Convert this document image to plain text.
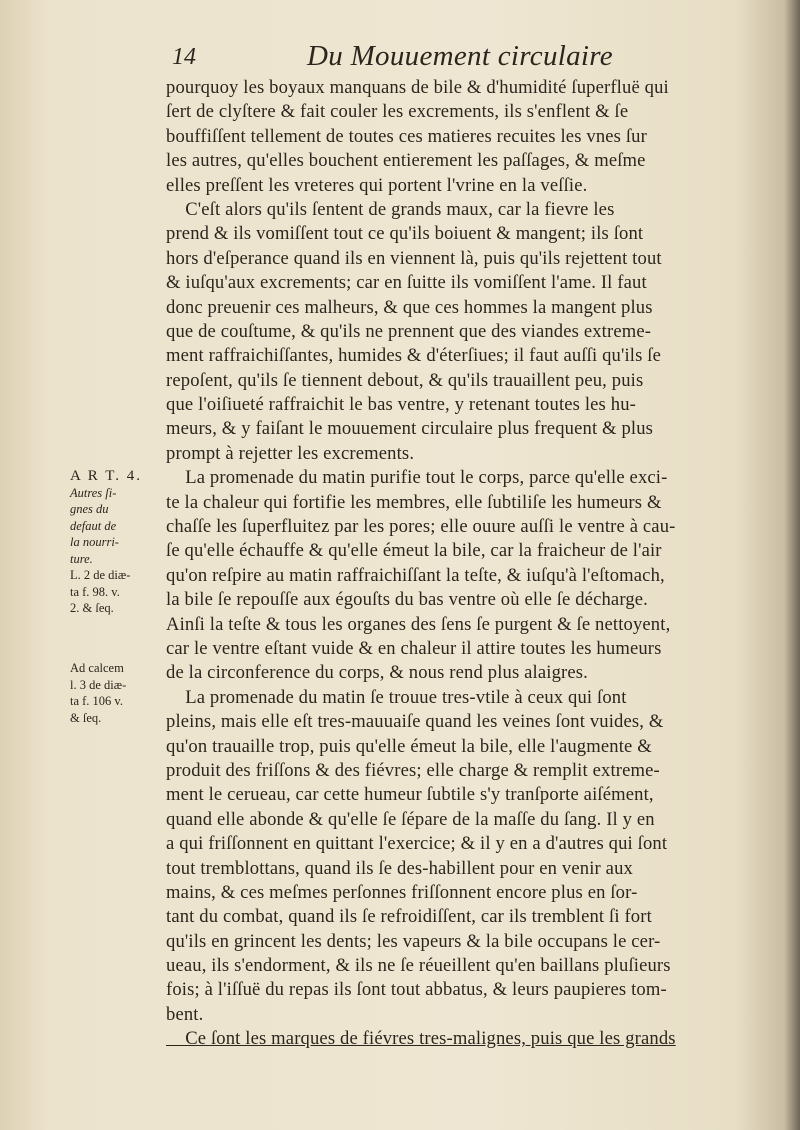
14	Du Mouuement circulaire
pourquoy les boyaux manquans de bile & d'humidité ſuperfluë qui
ſert de clyſtere & fait couler les excrements, ils s'enflent & ſe
bouffiſſent tellement de toutes ces matieres recuites les vnes ſur
les autres, qu'elles bouchent entierement les paſſages, & meſme
elles preſſent les vreteres qui portent l'vrine en la veſſie.
C'eſt alors qu'ils ſentent de grands maux, car la fievre les
prend & ils vomiſſent tout ce qu'ils boiuent & mangent; ils ſont
hors d'eſperance quand ils en viennent là, puis qu'ils rejettent tout
& iuſqu'aux excrements; car en ſuitte ils vomiſſent l'ame. Il faut
donc preuenir ces malheurs, & que ces hommes la mangent plus
que de couſtume, & qu'ils ne prennent que des viandes extreme-
ment raffraichiſſantes, humides & d'éterſiues; il faut auſſi qu'ils ſe
repoſent, qu'ils ſe tiennent debout, & qu'ils trauaillent peu, puis
que l'oiſiueté raffraichit le bas ventre, y retenant toutes les hu-
meurs, & y faiſant le mouuement circulaire plus frequent & plus
prompt à rejetter les excrements.
La promenade du matin purifie tout le corps, parce qu'elle exci-
te la chaleur qui fortifie les membres, elle ſubtiliſe les humeurs &
chaſſe les ſuperfluitez par les pores; elle ouure auſſi le ventre à cau-
ſe qu'elle échauffe & qu'elle émeut la bile, car la fraicheur de l'air
qu'on reſpire au matin raffraichiſſant la teſte, & iuſqu'à l'eſtomach,
la bile ſe repouſſe aux égouſts du bas ventre où elle ſe décharge.
Ainſi la teſte & tous les organes des ſens ſe purgent & ſe nettoyent,
car le ventre eſtant vuide & en chaleur il attire toutes les humeurs
de la circonference du corps, & nous rend plus alaigres.
La promenade du matin ſe trouue tres-vtile à ceux qui ſont
pleins, mais elle eſt tres-mauuaiſe quand les veines ſont vuides, &
qu'on trauaille trop, puis qu'elle émeut la bile, elle l'augmente &
produit des friſſons & des fiévres; elle charge & remplit extreme-
ment le cerueau, car cette humeur ſubtile s'y tranſporte aiſément,
quand elle abonde & qu'elle ſe ſépare de la maſſe du ſang. Il y en
a qui friſſonnent en quittant l'exercice; & il y en a d'autres qui ſont
tout tremblottans, quand ils ſe des-habillent pour en venir aux
mains, & ces meſmes perſonnes friſſonnent encore plus en ſor-
tant du combat, quand ils ſe refroidiſſent, car ils tremblent ſi fort
qu'ils en grincent les dents; les vapeurs & la bile occupans le cer-
ueau, ils s'endorment, & ils ne ſe réueillent qu'en baillans pluſieurs
fois; à l'iſſuë du repas ils ſont tout abbatus, & leurs paupieres tom-
bent.
Ce ſont les marques de fiévres tres-malignes, puis que les grands
A R T. 4.
Autres ſi-
gnes du
defaut de
la nourri-
ture.
L. 2 de diæ-
ta f. 98. v.
2. & ſeq.
Ad calcem
l. 3 de diæ-
ta f. 106 v.
& ſeq.
